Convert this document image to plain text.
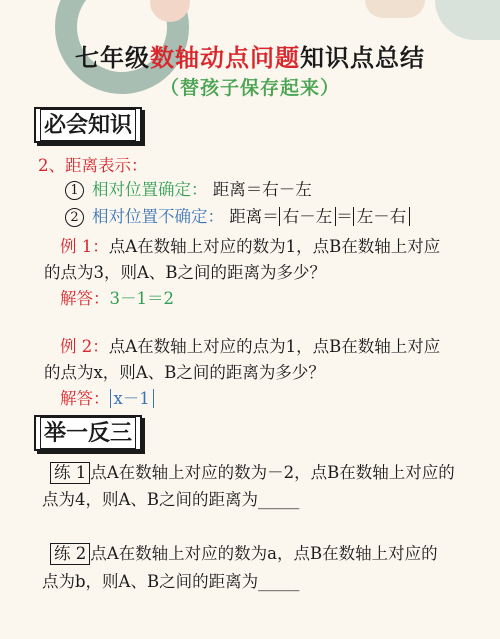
七年级数轴动点问题知识点总结
（替孩子保存起来）
必会知识
2、距离表示：
1 相对位置确定： 距离＝右－左
2 相对位置不确定： 距离＝ 右－左 ＝ 左－右
例 1：点A在数轴上对应的数为1，点B在数轴上对应
的点为3，则A、B之间的距离为多少？
解答：3－1＝2
例 2：点A在数轴上对应的点为1，点B在数轴上对应
的点为x，则A、B之间的距离为多少？
解答： x－1
举一反三
练 1 点A在数轴上对应的数为－2，点B在数轴上对应的
点为4，则A、B之间的距离为_____
练 2 点A在数轴上对应的数为a，点B在数轴上对应的
点为b，则A、B之间的距离为_____
